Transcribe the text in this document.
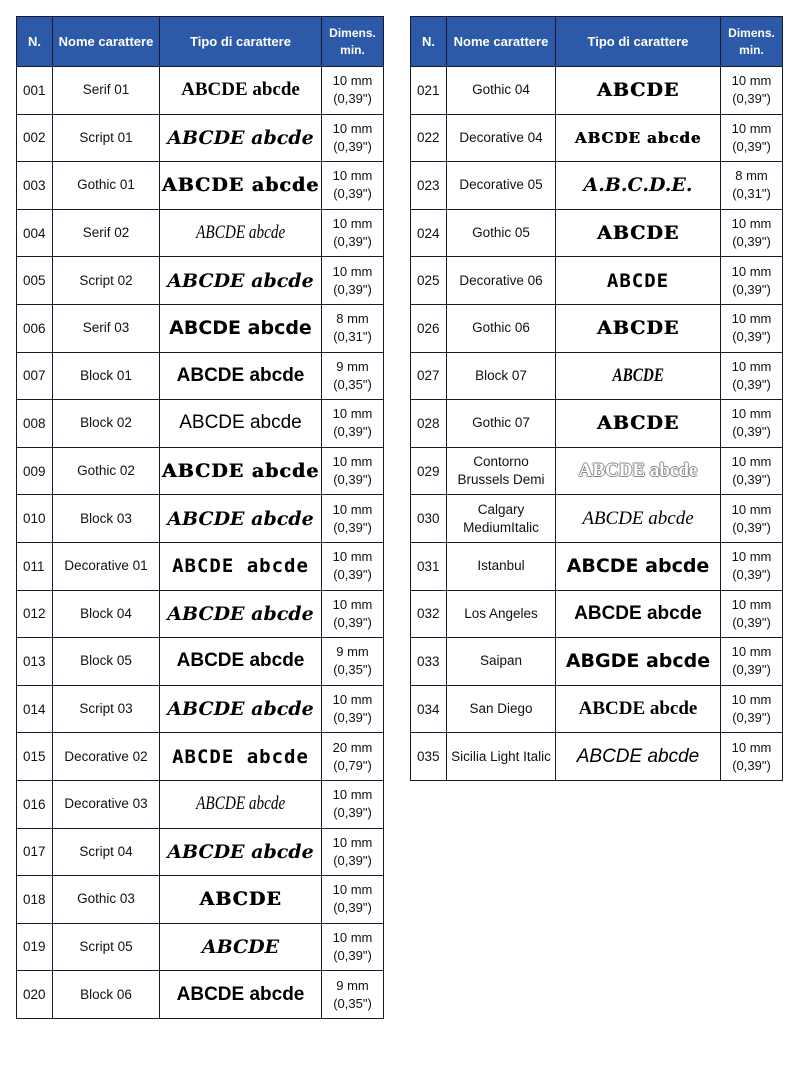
N.	Nome carattere	Tipo di carattere	Dimens. min.
001	Serif 01	ABCDE abcde	10 mm (0,39")
002	Script 01	ABCDE abcde	10 mm (0,39")
003	Gothic 01	ABCDE abcde	10 mm (0,39")
004	Serif 02	ABCDE abcde	10 mm (0,39")
005	Script 02	ABCDE abcde	10 mm (0,39")
006	Serif 03	ABCDE abcde	8 mm (0,31")
007	Block 01	ABCDE abcde	9 mm (0,35")
008	Block 02	ABCDE abcde	10 mm (0,39")
009	Gothic 02	ABCDE abcde	10 mm (0,39")
010	Block 03	ABCDE abcde	10 mm (0,39")
011	Decorative 01	ABCDE abcde	10 mm (0,39")
012	Block 04	ABCDE abcde	10 mm (0,39")
013	Block 05	ABCDE abcde	9 mm (0,35")
014	Script 03	ABCDE abcde	10 mm (0,39")
015	Decorative 02	ABCDE abcde	20 mm (0,79")
016	Decorative 03	ABCDE abcde	10 mm (0,39")
017	Script 04	ABCDE abcde	10 mm (0,39")
018	Gothic 03	ABCDE	10 mm (0,39")
019	Script 05	ABCDE	10 mm (0,39")
020	Block 06	ABCDE abcde	9 mm (0,35")
N.	Nome carattere	Tipo di carattere	Dimens. min.
021	Gothic 04	ABCDE	10 mm (0,39")
022	Decorative 04	ABCDE abcde	10 mm (0,39")
023	Decorative 05	A.B.C.D.E.	8 mm (0,31")
024	Gothic 05	ABCDE	10 mm (0,39")
025	Decorative 06	ABCDE	10 mm (0,39")
026	Gothic 06	ABCDE	10 mm (0,39")
027	Block 07	ABCDE	10 mm (0,39")
028	Gothic 07	ABCDE	10 mm (0,39")
029	Contorno Brussels Demi	ABCDE abcde	10 mm (0,39")
030	Calgary MediumItalic	ABCDE abcde	10 mm (0,39")
031	Istanbul	ABCDE abcde	10 mm (0,39")
032	Los Angeles	ABCDE abcde	10 mm (0,39")
033	Saipan	ABGDE abcde	10 mm (0,39")
034	San Diego	ABCDE abcde	10 mm (0,39")
035	Sicilia Light Italic	ABCDE abcde	10 mm (0,39")
